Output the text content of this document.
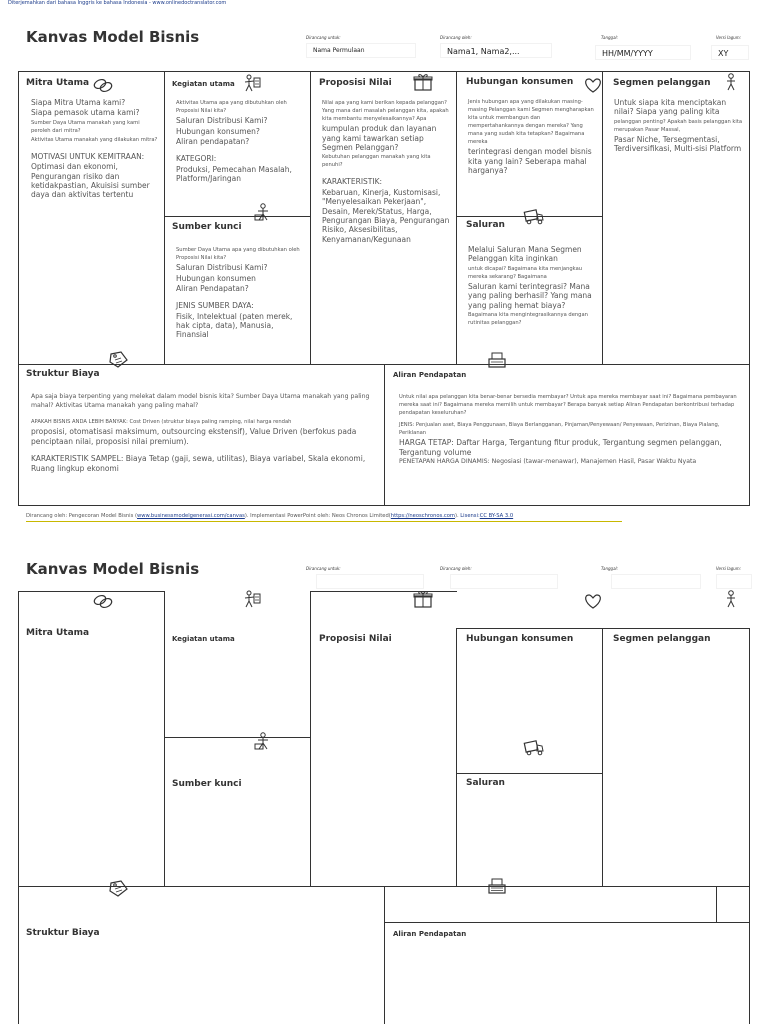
Diterjemahkan dari bahasa Inggris ke bahasa Indonesia - www.onlinedoctranslator.com
Kanvas Model Bisnis	Dirancang untuk:
Nama Permulaan
Dirancang oleh:
Nama1, Nama2,...
Tanggal:
HH/MM/YYYY
Versi Iagum:
XY
Mitra Utama

Siapa Mitra Utama kami?

Siapa pemasok utama kami?

Sumber Daya Utama manakah yang kami peroleh dari mitra?

Aktivitas Utama manakah yang dilakukan mitra?

MOTIVASI UNTUK KEMITRAAN:

Optimasi dan ekonomi, Pengurangan risiko dan ketidakpastian, Akuisisi sumber daya dan aktivitas tertentu

Kegiatan utama

Aktivitas Utama apa yang dibutuhkan oleh Proposisi Nilai kita?

Saluran Distribusi Kami?

Hubungan konsumen?

Aliran pendapatan?

KATEGORI:

Produksi, Pemecahan Masalah, Platform/Jaringan

Sumber kunci

Sumber Daya Utama apa yang dibutuhkan oleh Proposisi Nilai kita?

Saluran Distribusi Kami?

Hubungan konsumen

Aliran Pendapatan?

JENIS SUMBER DAYA:

Fisik, Intelektual (paten merek, hak cipta, data), Manusia, Finansial

Proposisi Nilai

Nilai apa yang kami berikan kepada pelanggan? Yang mana dari masalah pelanggan kita, apakah kita membantu menyelesaikannya? Apa

kumpulan produk dan layanan yang kami tawarkan setiap Segmen Pelanggan?

Kebutuhan pelanggan manakah yang kita penuhi?

KARAKTERISTIK:

Kebaruan, Kinerja, Kustomisasi, "Menyelesaikan Pekerjaan", Desain, Merek/Status, Harga, Pengurangan Biaya, Pengurangan Risiko, Aksesibilitas, Kenyamanan/Kegunaan

Hubungan konsumen

Jenis hubungan apa yang dilakukan masing-masing Pelanggan kami Segmen mengharapkan kita untuk membangun dan mempertahankannya dengan mereka? Yang mana yang sudah kita tetapkan? Bagaimana mereka

terintegrasi dengan model bisnis kita yang lain? Seberapa mahal harganya?

Saluran

Melalui Saluran Mana Segmen Pelanggan kita inginkan

untuk dicapai? Bagaimana kita menjangkau mereka sekarang? Bagaimana

Saluran kami terintegrasi? Mana yang paling berhasil? Yang mana yang paling hemat biaya?

Bagaimana kita mengintegrasikannya dengan rutinitas pelanggan?

Segmen pelanggan

Untuk siapa kita menciptakan nilai? Siapa yang paling kita

pelanggan penting? Apakah basis pelanggan kita merupakan Pasar Massal,

Pasar Niche, Tersegmentasi, Terdiversifikasi, Multi-sisi Platform

Struktur Biaya

Apa saja biaya terpenting yang melekat dalam model bisnis kita? Sumber Daya Utama manakah yang paling mahal? Aktivitas Utama manakah yang paling mahal?

APAKAH BISNIS ANDA LEBIH BANYAK: Cost Driven (struktur biaya paling ramping, nilai harga rendah

proposisi, otomatisasi maksimum, outsourcing ekstensif), Value Driven (berfokus pada penciptaan nilai, proposisi nilai premium).

KARAKTERISTIK SAMPEL: Biaya Tetap (gaji, sewa, utilitas), Biaya variabel, Skala ekonomi, Ruang lingkup ekonomi

Aliran Pendapatan

Untuk nilai apa pelanggan kita benar-benar bersedia membayar? Untuk apa mereka membayar saat ini? Bagaimana pembayaran mereka saat ini? Bagaimana mereka memilih untuk membayar? Berapa banyak setiap Aliran Pendapatan berkontribusi terhadap pendapatan keseluruhan?

JENIS: Penjualan aset, Biaya Penggunaan, Biaya Berlangganan, Pinjaman/Penyewaan/ Penyewaan, Perizinan, Biaya Pialang, Periklanan

HARGA TETAP: Daftar Harga, Tergantung fitur produk, Tergantung segmen pelanggan, Tergantung volume

PENETAPAN HARGA DINAMIS: Negosiasi (tawar-menawar), Manajemen Hasil, Pasar Waktu Nyata

Dirancang oleh: Pengecoran Model Bisnis (www.businessmodelgenerasi.com/canvas). Implementasi PowerPoint oleh: Neos Chronos Limited(https://neoschronos.com). Lisensi:CC BY-SA 3.0
Kanvas Model Bisnis	Dirancang untuk:	Dirancang oleh:	Tanggal:	Versi Iagum:
Mitra Utama
Kegiatan utama	Proposisi Nilai	Hubungan konsumen	Segmen pelanggan
Sumber kunci	Saluran
Struktur Biaya	Aliran Pendapatan
